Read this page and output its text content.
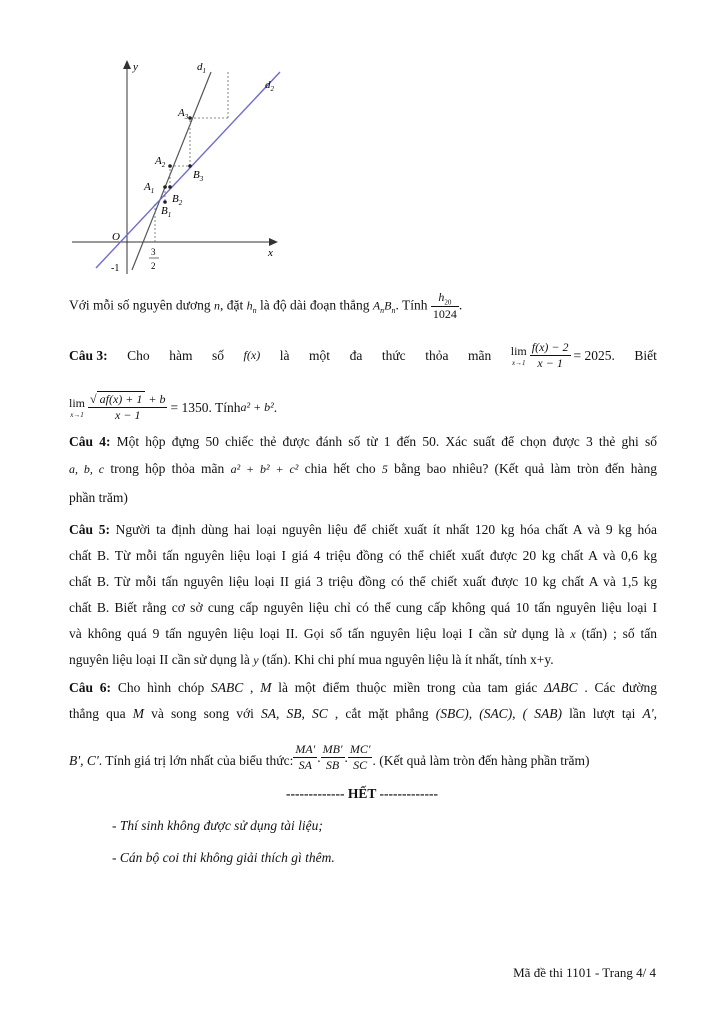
y
x
O
$d_1$
$d_2$
$A_1$
$A_2$
$A_3$
$B_1$
$B_2$
$B_3$
-1
3
2
Với mỗi số nguyên dương n, đặt $h_n$ là độ dài đoạn thẳng $A_nB_n$. Tính $\frac{h_{20}}{1024}$ .
Câu 3: Cho hàm số f(x) là một đa thức thỏa mãn lim
$x\to 1 \frac{f(x) - 2}{x - 1} = 2025$. Biết
lim
$x\to 1 \frac{√ af(x) + 1 + b}{x - 1} = 1350$ . Tính a² + b² .
Câu 4: Một hộp đựng 50 chiếc thẻ được đánh số từ 1 đến 50. Xác suất để chọn được 3 thẻ ghi số
a, b, c trong hộp thỏa mãn a² + b² + c² chia hết cho 5 bằng bao nhiêu? (Kết quả làm tròn đến hàng
phần trăm)
Câu 5: Người ta định dùng hai loại nguyên liệu để chiết xuất ít nhất 120 kg hóa chất A và 9 kg hóa
chất B. Từ mỗi tấn nguyên liệu loại I giá 4 triệu đồng có thể chiết xuất được 20 kg chất A và 0,6 kg
chất B. Từ mỗi tấn nguyên liệu loại II giá 3 triệu đồng có thể chiết xuất được 10 kg chất A và 1,5 kg
chất B. Biết rằng cơ sở cung cấp nguyên liệu chỉ có thể cung cấp không quá 10 tấn nguyên liệu loại I
và không quá 9 tấn nguyên liệu loại II. Gọi số tấn nguyên liệu loại I cần sử dụng là x (tấn) ; số tấn
nguyên liệu loại II cần sử dụng là y (tấn). Khi chi phí mua nguyên liệu là ít nhất, tính x+y.
Câu 6: Cho hình chóp SABC , M là một điểm thuộc miền trong của tam giác ΔABC . Các đường
thẳng qua M và song song với SA, SB, SC , cắt mặt phẳng (SBC), (SAC), ( SAB) lần lượt tại A',
B', C' . Tính giá trị lớn nhất của biểu thức: $\frac{MA'}{SA}$ . $\frac{MB'}{SB}$ . $\frac{MC'}{SC}$ . (Kết quả làm tròn đến hàng phần trăm)
------------- HẾT -------------
- Thí sinh không được sử dụng tài liệu;
- Cán bộ coi thi không giải thích gì thêm.
Mã đề thi 1101 - Trang 4/ 4
